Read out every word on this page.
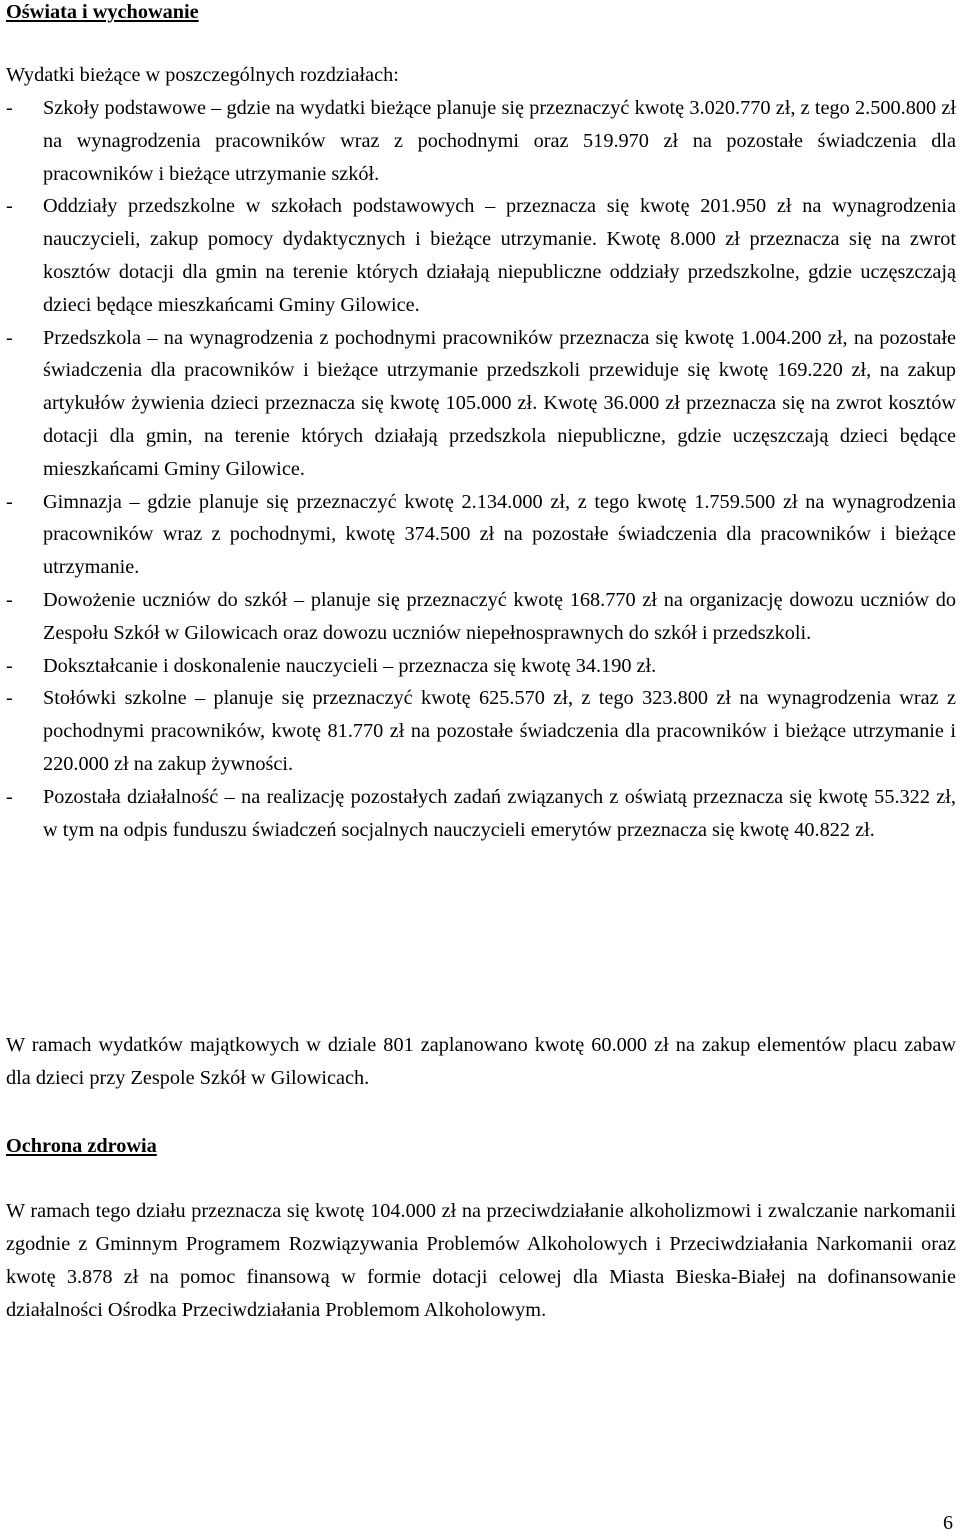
Oświata i wychowanie

Wydatki bieżące w poszczególnych rozdziałach:

- Szkoły podstawowe – gdzie na wydatki bieżące planuje się przeznaczyć kwotę 3.020.770 zł, z tego 2.500.800 zł na wynagrodzenia pracowników wraz z pochodnymi oraz 519.970 zł na pozostałe świadczenia dla pracowników i bieżące utrzymanie szkół.
- Oddziały przedszkolne w szkołach podstawowych – przeznacza się kwotę 201.950 zł na wynagrodzenia nauczycieli, zakup pomocy dydaktycznych i bieżące utrzymanie. Kwotę 8.000 zł przeznacza się na zwrot kosztów dotacji dla gmin na terenie których działają niepubliczne oddziały przedszkolne, gdzie uczęszczają dzieci będące mieszkańcami Gminy Gilowice.
- Przedszkola – na wynagrodzenia z pochodnymi pracowników przeznacza się kwotę 1.004.200 zł, na pozostałe świadczenia dla pracowników i bieżące utrzymanie przedszkoli przewiduje się kwotę 169.220 zł, na zakup artykułów żywienia dzieci przeznacza się kwotę 105.000 zł. Kwotę 36.000 zł przeznacza się na zwrot kosztów dotacji dla gmin, na terenie których działają przedszkola niepubliczne, gdzie uczęszczają dzieci będące mieszkańcami Gminy Gilowice.
- Gimnazja – gdzie planuje się przeznaczyć kwotę 2.134.000 zł, z tego kwotę 1.759.500 zł na wynagrodzenia pracowników wraz z pochodnymi, kwotę 374.500 zł na pozostałe świadczenia dla pracowników i bieżące utrzymanie.
- Dowożenie uczniów do szkół – planuje się przeznaczyć kwotę 168.770 zł na organizację dowozu uczniów do Zespołu Szkół w Gilowicach oraz dowozu uczniów niepełnosprawnych do szkół i przedszkoli.
- Dokształcanie i doskonalenie nauczycieli – przeznacza się kwotę 34.190 zł.
- Stołówki szkolne – planuje się przeznaczyć kwotę 625.570 zł, z tego 323.800 zł na wynagrodzenia wraz z pochodnymi pracowników, kwotę 81.770 zł na pozostałe świadczenia dla pracowników i bieżące utrzymanie i 220.000 zł na zakup żywności.
- Pozostała działalność – na realizację pozostałych zadań związanych z oświatą przeznacza się kwotę 55.322 zł, w tym na odpis funduszu świadczeń socjalnych nauczycieli emerytów przeznacza się kwotę 40.822 zł.

W ramach wydatków majątkowych w dziale 801 zaplanowano kwotę 60.000 zł na zakup elementów placu zabaw dla dzieci przy Zespole Szkół w Gilowicach.

Ochrona zdrowia

W ramach tego działu przeznacza się kwotę 104.000 zł na przeciwdziałanie alkoholizmowi i zwalczanie narkomanii zgodnie z Gminnym Programem Rozwiązywania Problemów Alkoholowych i Przeciwdziałania Narkomanii oraz kwotę 3.878 zł na pomoc finansową w formie dotacji celowej dla Miasta Bieska-Białej na dofinansowanie działalności Ośrodka Przeciwdziałania Problemom Alkoholowym.

6
